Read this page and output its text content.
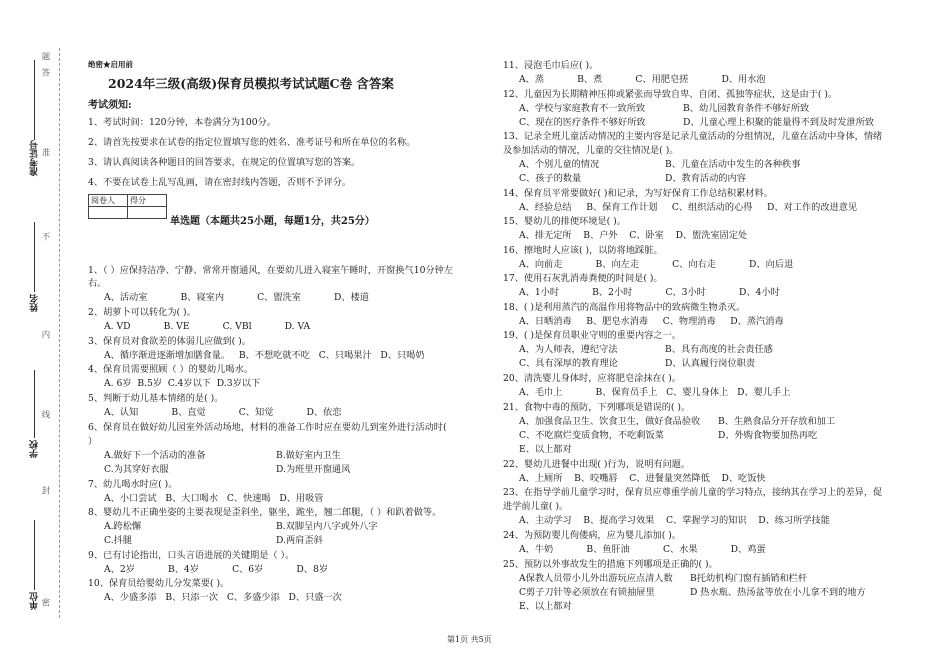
题
答
准
不
内
线
封
密
准考证号
姓名
学校
单位
绝密★启用前
2024年三级(高级)保育员模拟考试试题C卷 含答案
考试须知:
1、考试时间：120分钟，本卷满分为100分。
2、请首先按要求在试卷的指定位置填写您的姓名、准考证号和所在单位的名称。
3、请认真阅读各种题目的回答要求，在规定的位置填写您的答案。
4、不要在试卷上乱写乱画，请在密封线内答题，否则不予评分。
阅卷人	得分

单选题（本题共25小题，每题1分，共25分）
1、（ ）应保持洁净、宁静、常常开窗通风，在要幼儿进入寝室午睡时，开窗换气10分钟左
右。
A、活动室	B、寝室内	C、盥洗室	D、楼道
2、胡萝卜可以转化为( )。
A. VD	B. VE	C. VBl	D. VA
3、保育员对食欲差的体弱儿应做到( )。
A、循序渐进逐渐增加膳食量。 B、不想吃就不吃 C、只喝果汁 D、只喝奶
4、保育员需要照顾（ ）的婴幼儿喝水。
A. 6岁 B.5岁 C.4岁以下 D.3岁以下
5、判断于幼儿基本情绪的是( )。
A、认知	B、直觉	C、知觉	D、依恋
6、保育员在做好幼儿园室外活动场地，材料的准备工作时应在要幼儿到室外进行活动时(
）
A.做好下一个活动的准备	B.做好室内卫生
C.为其穿好衣服	D.为班里开窗通风
7、幼儿喝水时应( )。
A、小口尝试 B、大口喝水 C、快速喝 D、用吸管
8、婴幼儿不正确坐姿的主要表现是歪斜坐，躯坐，跪坐，翘二郎腿，（ ）和趴着做等。
A.跨松懈	B.双脚呈内八字或外八字
C.抖腿	D.两肩歪斜
9、已有讨论指出，口头言语进展的关键期是（ ）。
A、2岁	B、4岁	C、6岁	D、8岁
10、保育员给婴幼儿分发菜要( )。
A、少盛多添 B、只添一次 C、多盛少添 D、只盛一次
11、浸泡毛巾后应( )。
A、蒸	B、煮	C、用肥皂搓	D、用水泡
12、儿童因为长期精神压抑或紧张而导致自卑、自闭、孤独等症状，这是由于( )。
A、学校与家庭教育不一致所致	B、幼儿园教育条件不够好所致
C、现在的医疗条件不够好所致	D、儿童心理上积聚的能量得不到及时发泄所致
13、记录全班儿童活动情况的主要内容是记录儿童活动的分组情况，儿童在活动中身体，情绪
及参加活动的情况，儿童的交往情况是( )。
A、个别儿童的情况	B、儿童在活动中发生的各种秩事
C、孩子的数量	D、教育活动的内容
14、保育员平常要做好( )和记录，为写好保育工作总结积累材料。
A、经验总结 B、保育工作计划 C、组织活动的心得 D、对工作的改进意见
15、婴幼儿的排便环境是( )。
A、排无定所 B、户外 C、卧室 D、盥洗室固定处
16、擦地时人应该( )，以防将地踩脏。
A、向前走	B、向左走	C、向右走	D、向后退
17、使用石灰乳消毒粪便的时间是( )。
A、1小时	B、2小时	C、3小时	D、4小时
18、( )是利用蒸汽的高温作用将物品中的致病微生物杀灭。
A、日晒消毒 B、肥皂水消毒 C、物理消毒 D、蒸汽消毒
19、( )是保育员职业守则的重要内容之一。
A、为人师表，遵纪守法	B、具有高度的社会责任感
C、具有深厚的教育理论	D、认真履行岗位职责
20、清洗婴儿身体时，应将肥皂涂抹在( )。
A、毛巾上	B、保育员手上 C、婴儿身体上 D、婴儿手上
21、食物中毒的预防，下列哪项是错误的( )。
A、加强食品卫生、饮食卫生，做好食品验收 B、生熟食品分开存放和加工
C、不吃腐烂变质食物，不吃剩饭菜	D、外购食物要加热再吃
E、以上都对
22、婴幼儿进餐中出现( )行为，说明有问题。
A、上厕所 B、咬嘴唇 C、进餐量突然降低 D、吃饭快
23、在指导学前儿童学习时，保育员应尊重学前儿童的学习特点，接纳其在学习上的差异，促
进学前儿童( )。
A、主动学习 B、提高学习效果 C、掌握学习的知识 D、练习所学技能
24、为预防婴儿佝偻病，应为婴儿添加( )。
A、牛奶	B、鱼肝油	C、水果	D、鸡蛋
25、预防以外事故发生的措施下列哪项是正确的( )。
A保教人员带小儿外出游玩应点清人数 B托幼机构门窗有插销和栏杆
C剪子刀针等必须放在有锁抽屉里	D 热水瓶、热汤盆等放在小儿拿不到的地方
E、以上都对
第1页 共5页
